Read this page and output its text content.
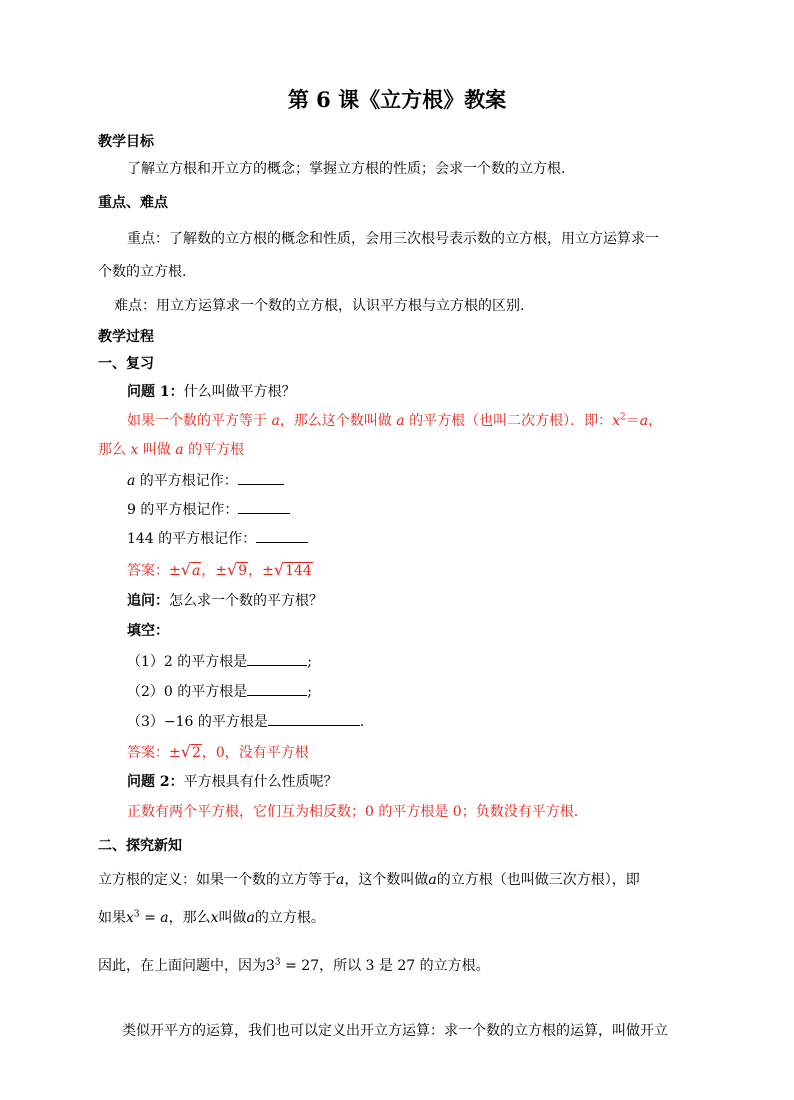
第 6 课《立方根》教案
教学目标
了解立方根和开立方的概念；掌握立方根的性质；会求一个数的立方根.
重点、难点
重点：了解数的立方根的概念和性质，会用三次根号表示数的立方根，用立方运算求一
个数的立方根.
难点：用立方运算求一个数的立方根，认识平方根与立方根的区别.
教学过程
一、复习
问题 1：什么叫做平方根？
如果一个数的平方等于 a，那么这个数叫做 a 的平方根（也叫二次方根）．即：$x^2=a$，
那么 x 叫做 a 的平方根
a 的平方根记作：
9 的平方根记作：
144 的平方根记作：
答案：±√a，±√9，±√144
追问：怎么求一个数的平方根？
填空：
（1）2 的平方根是	;
（2）0 的平方根是	;
（3）−16 的平方根是	.
答案：±√2，0，没有平方根
问题 2：平方根具有什么性质呢？
正数有两个平方根，它们互为相反数；0 的平方根是 0；负数没有平方根.
二、探究新知
立方根的定义：如果一个数的立方等于a，这个数叫做a的立方根（也叫做三次方根），即
如果$x^3 = a$，那么x叫做a的立方根。
因此，在上面问题中，因为$3^3 = 27$，所以 3 是 27 的立方根。
类似开平方的运算，我们也可以定义出开立方运算：求一个数的立方根的运算，叫做开立
